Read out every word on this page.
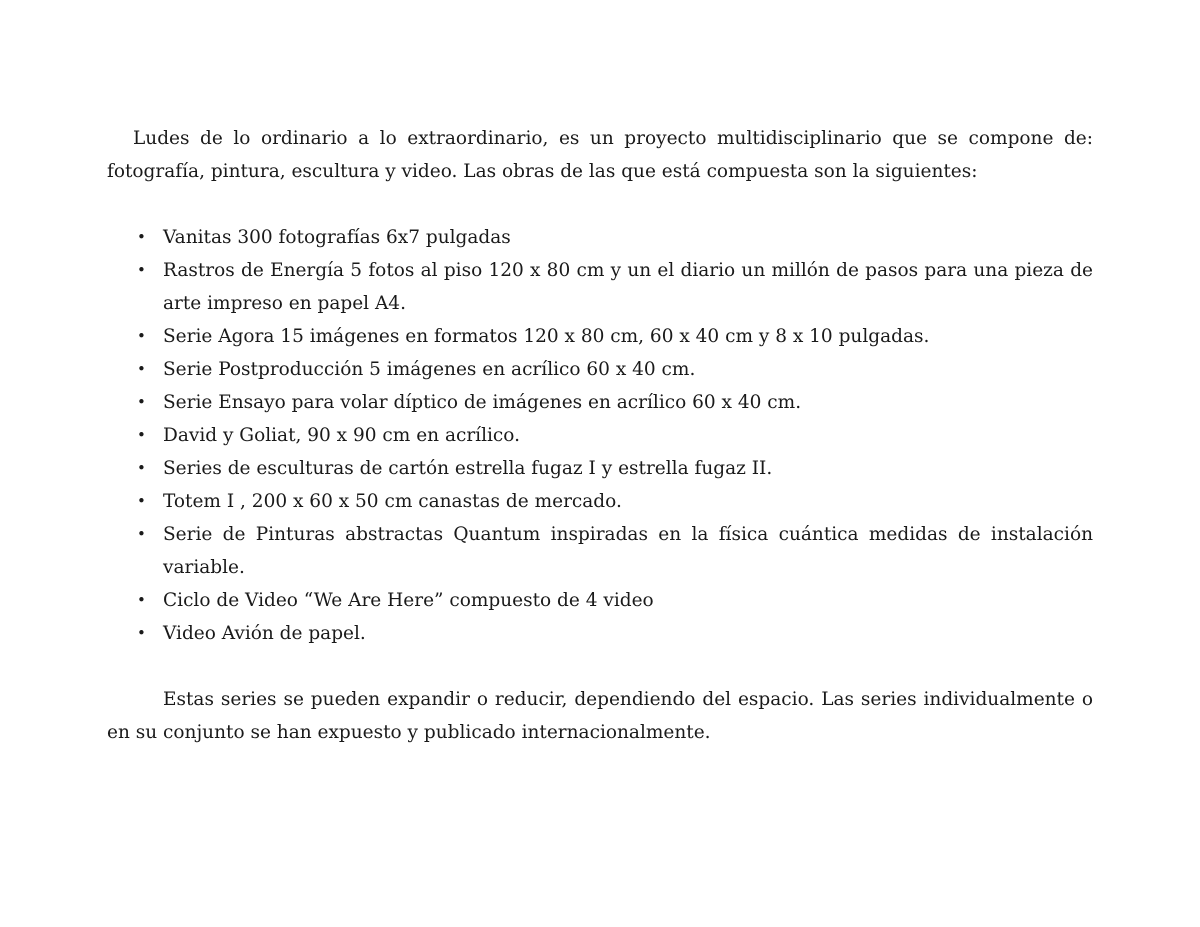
Ludes de lo ordinario a lo extraordinario, es un proyecto multidisciplinario que se compone de: fotografía, pintura, escultura y video. Las obras de las que está compuesta son la siguientes:

• Vanitas 300 fotografías 6x7 pulgadas
• Rastros de Energía 5 fotos al piso 120 x 80 cm y un el diario un millón de pasos para una pieza de arte impreso en papel A4.
• Serie Agora 15 imágenes en formatos 120 x 80 cm, 60 x 40 cm y 8 x 10 pulgadas.
• Serie Postproducción 5 imágenes en acrílico 60 x 40 cm.
• Serie Ensayo para volar díptico de imágenes en acrílico 60 x 40 cm.
• David y Goliat, 90 x 90 cm en acrílico.
• Series de esculturas de cartón estrella fugaz I y estrella fugaz II.
• Totem I , 200 x 60 x 50 cm canastas de mercado.
• Serie de Pinturas abstractas Quantum inspiradas en la física cuántica medidas de instalación variable.
• Ciclo de Video “We Are Here” compuesto de 4 video
• Video Avión de papel.

Estas series se pueden expandir o reducir, dependiendo del espacio. Las series individualmente o en su conjunto se han expuesto y publicado internacionalmente.
